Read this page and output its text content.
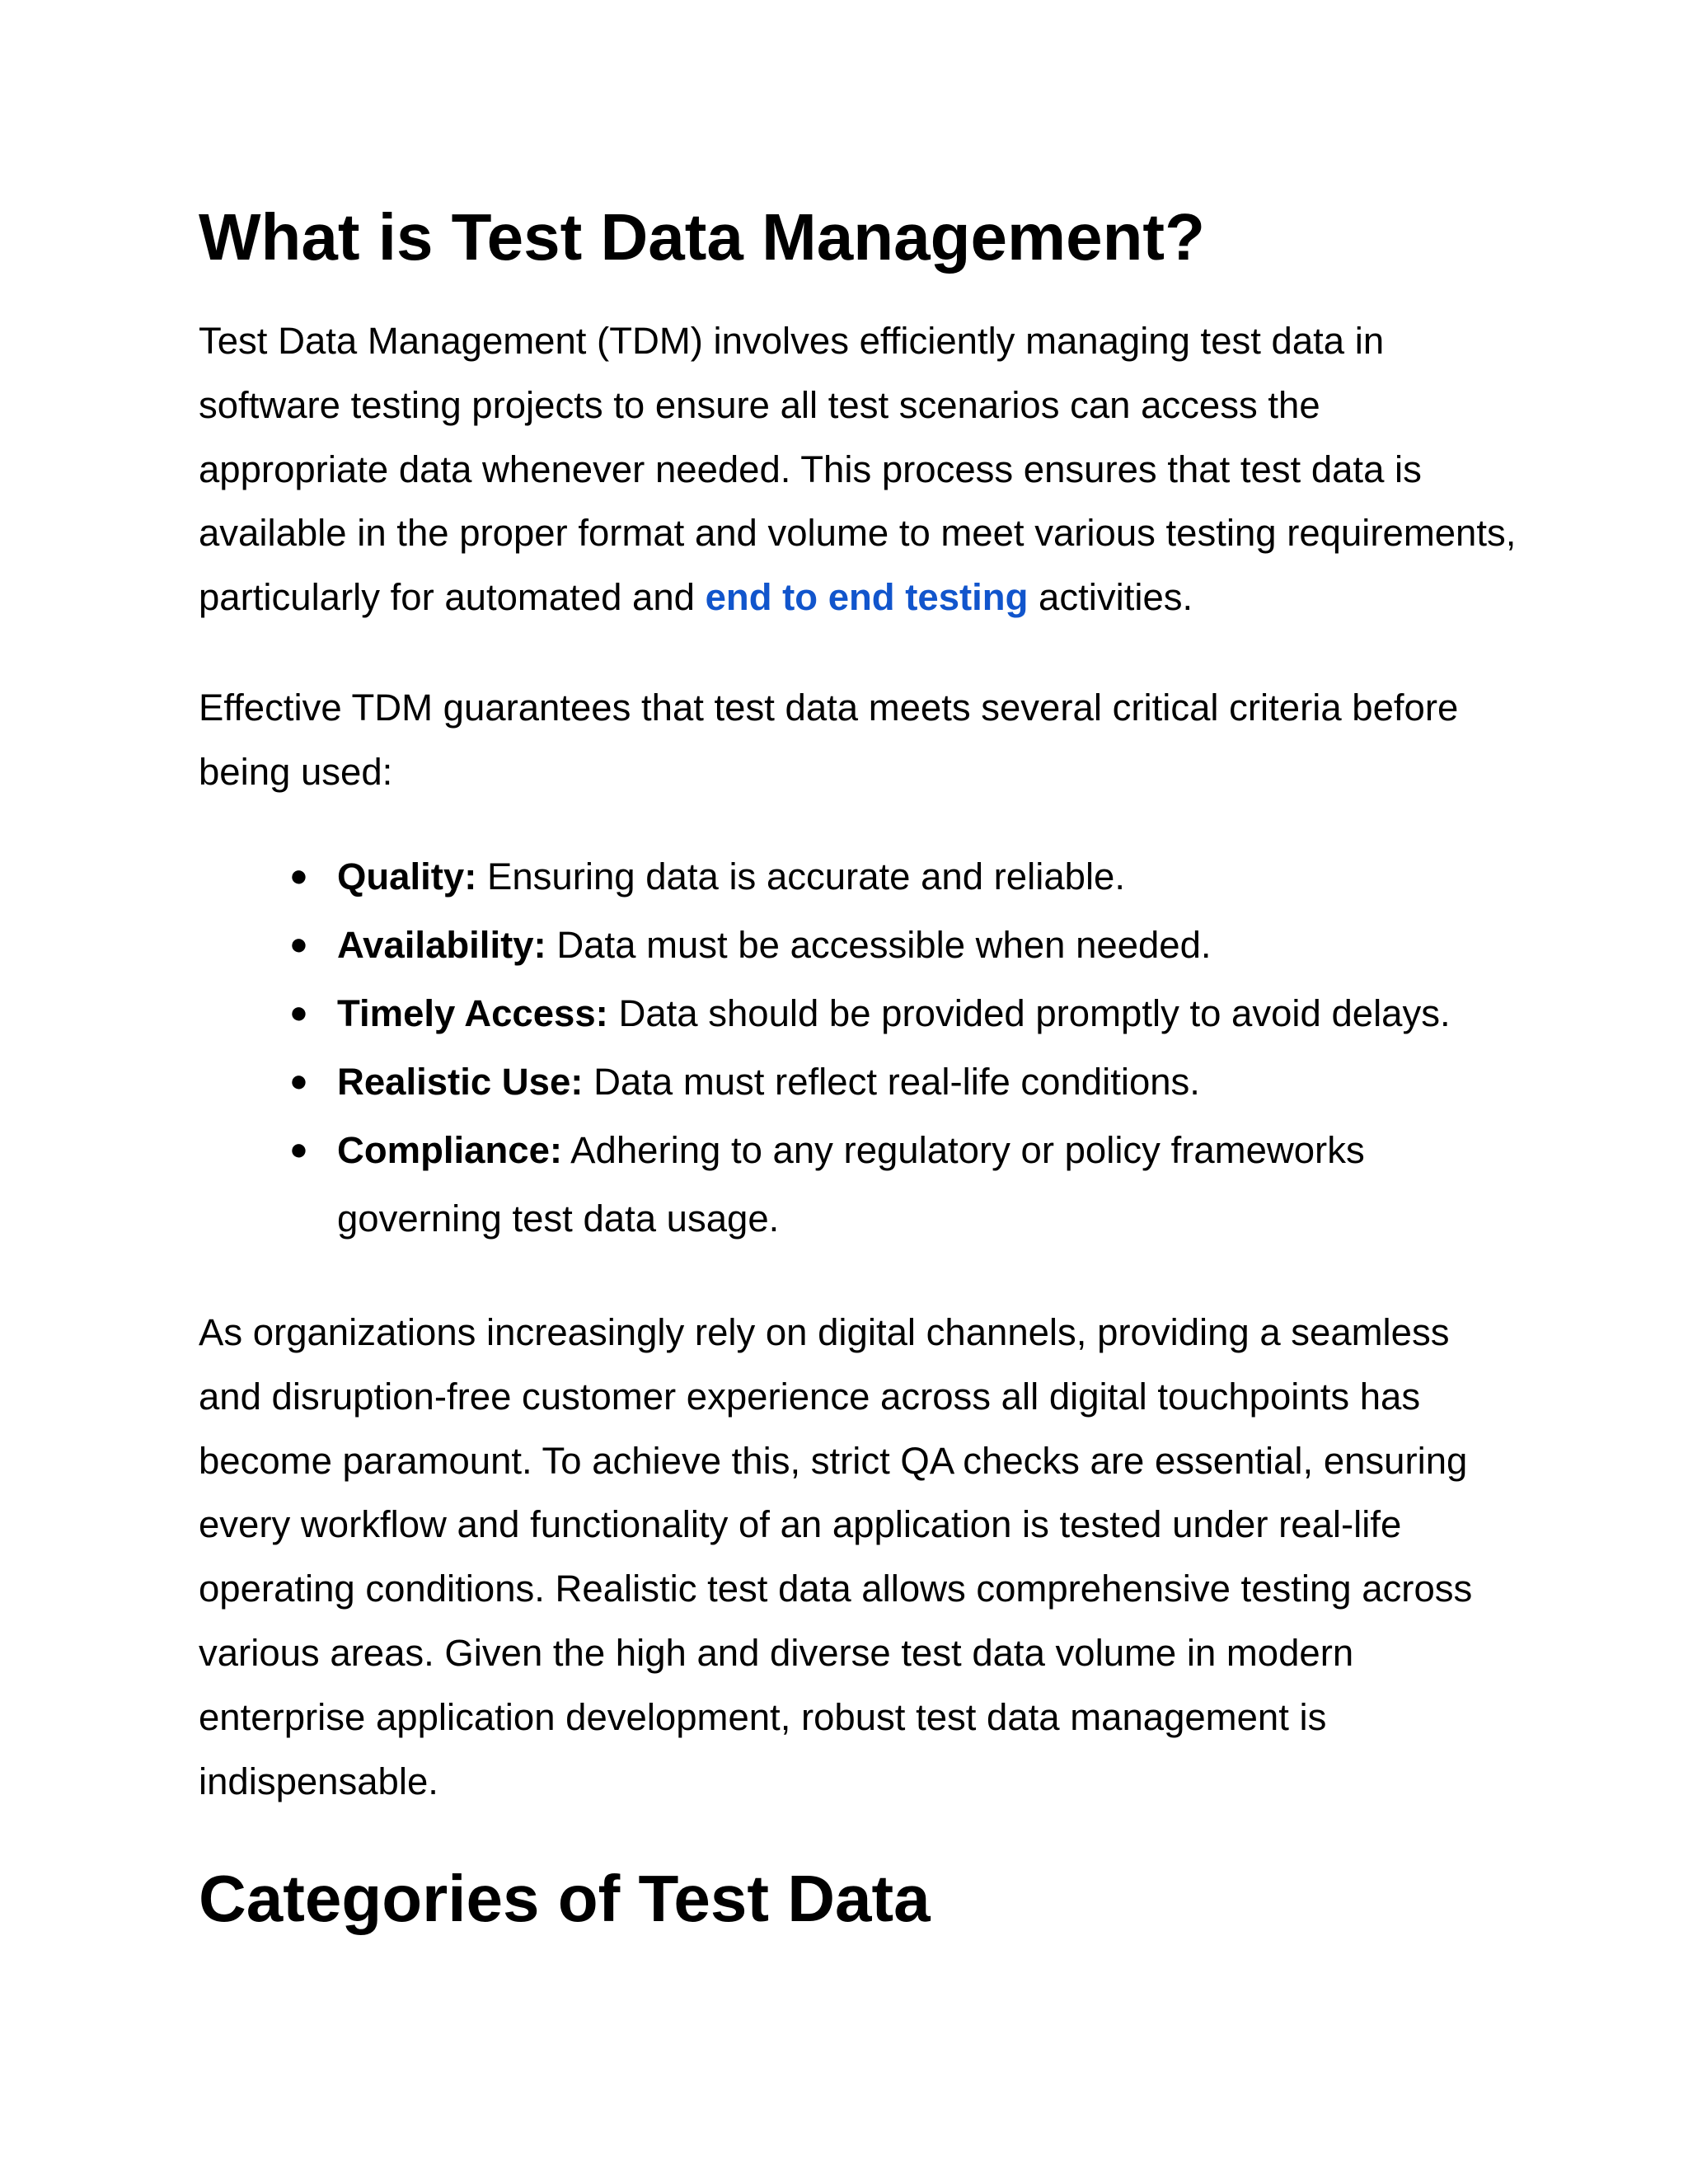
What is Test Data Management?

Test Data Management (TDM) involves efficiently managing test data in software testing projects to ensure all test scenarios can access the appropriate data whenever needed. This process ensures that test data is available in the proper format and volume to meet various testing requirements, particularly for automated and end to end testing activities.

Effective TDM guarantees that test data meets several critical criteria before being used:

● Quality: Ensuring data is accurate and reliable.
● Availability: Data must be accessible when needed.
● Timely Access: Data should be provided promptly to avoid delays.
● Realistic Use: Data must reflect real-life conditions.
● Compliance: Adhering to any regulatory or policy frameworks governing test data usage.

As organizations increasingly rely on digital channels, providing a seamless and disruption-free customer experience across all digital touchpoints has become paramount. To achieve this, strict QA checks are essential, ensuring every workflow and functionality of an application is tested under real-life operating conditions. Realistic test data allows comprehensive testing across various areas. Given the high and diverse test data volume in modern enterprise application development, robust test data management is indispensable.

Categories of Test Data
